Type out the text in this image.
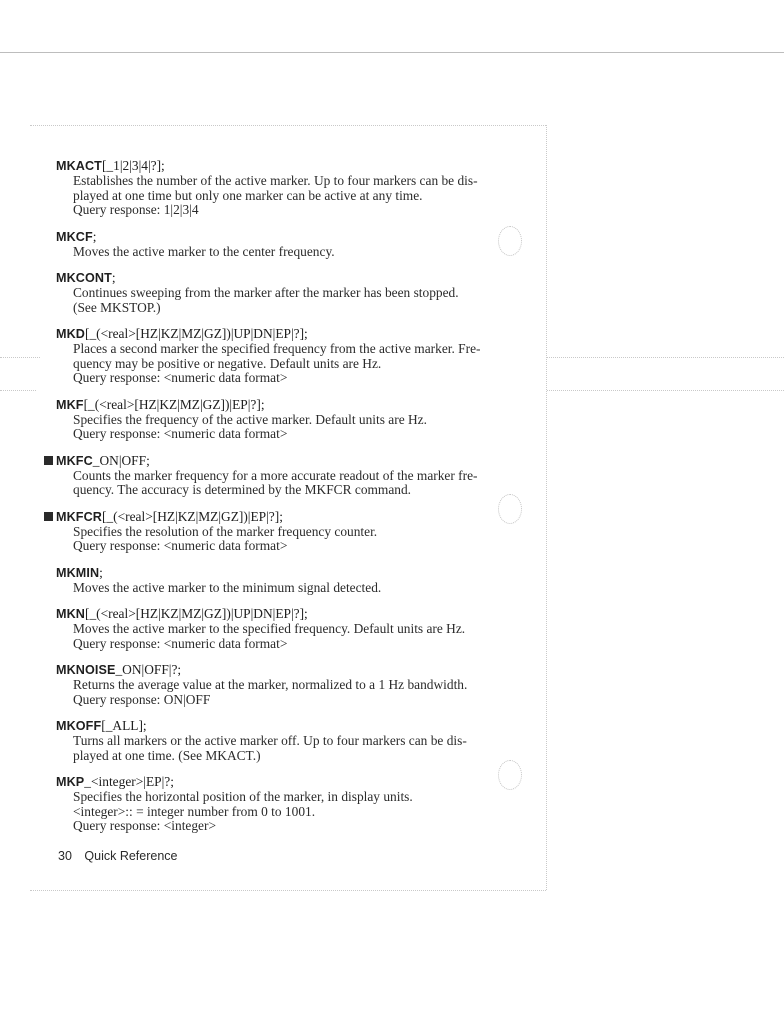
MKACT[_1|2|3|4|?];
Establishes the number of the active marker. Up to four markers can be dis-
played at one time but only one marker can be active at any time.
Query response: 1|2|3|4
MKCF;
Moves the active marker to the center frequency.
MKCONT;
Continues sweeping from the marker after the marker has been stopped.
(See MKSTOP.)
MKD[_(<real>[HZ|KZ|MZ|GZ])|UP|DN|EP|?];
Places a second marker the specified frequency from the active marker. Fre-
quency may be positive or negative. Default units are Hz.
Query response: <numeric data format>
MKF[_(<real>[HZ|KZ|MZ|GZ])|EP|?];
Specifies the frequency of the active marker. Default units are Hz.
Query response: <numeric data format>
MKFC_ON|OFF;
Counts the marker frequency for a more accurate readout of the marker fre-
quency. The accuracy is determined by the MKFCR command.
MKFCR[_(<real>[HZ|KZ|MZ|GZ])|EP|?];
Specifies the resolution of the marker frequency counter.
Query response: <numeric data format>
MKMIN;
Moves the active marker to the minimum signal detected.
MKN[_(<real>[HZ|KZ|MZ|GZ])|UP|DN|EP|?];
Moves the active marker to the specified frequency. Default units are Hz.
Query response: <numeric data format>
MKNOISE_ON|OFF|?;
Returns the average value at the marker, normalized to a 1 Hz bandwidth.
Query response: ON|OFF
MKOFF[_ALL];
Turns all markers or the active marker off. Up to four markers can be dis-
played at one time. (See MKACT.)
MKP_<integer>|EP|?;
Specifies the horizontal position of the marker, in display units.
<integer>:: = integer number from 0 to 1001.
Query response: <integer>
30 Quick Reference
